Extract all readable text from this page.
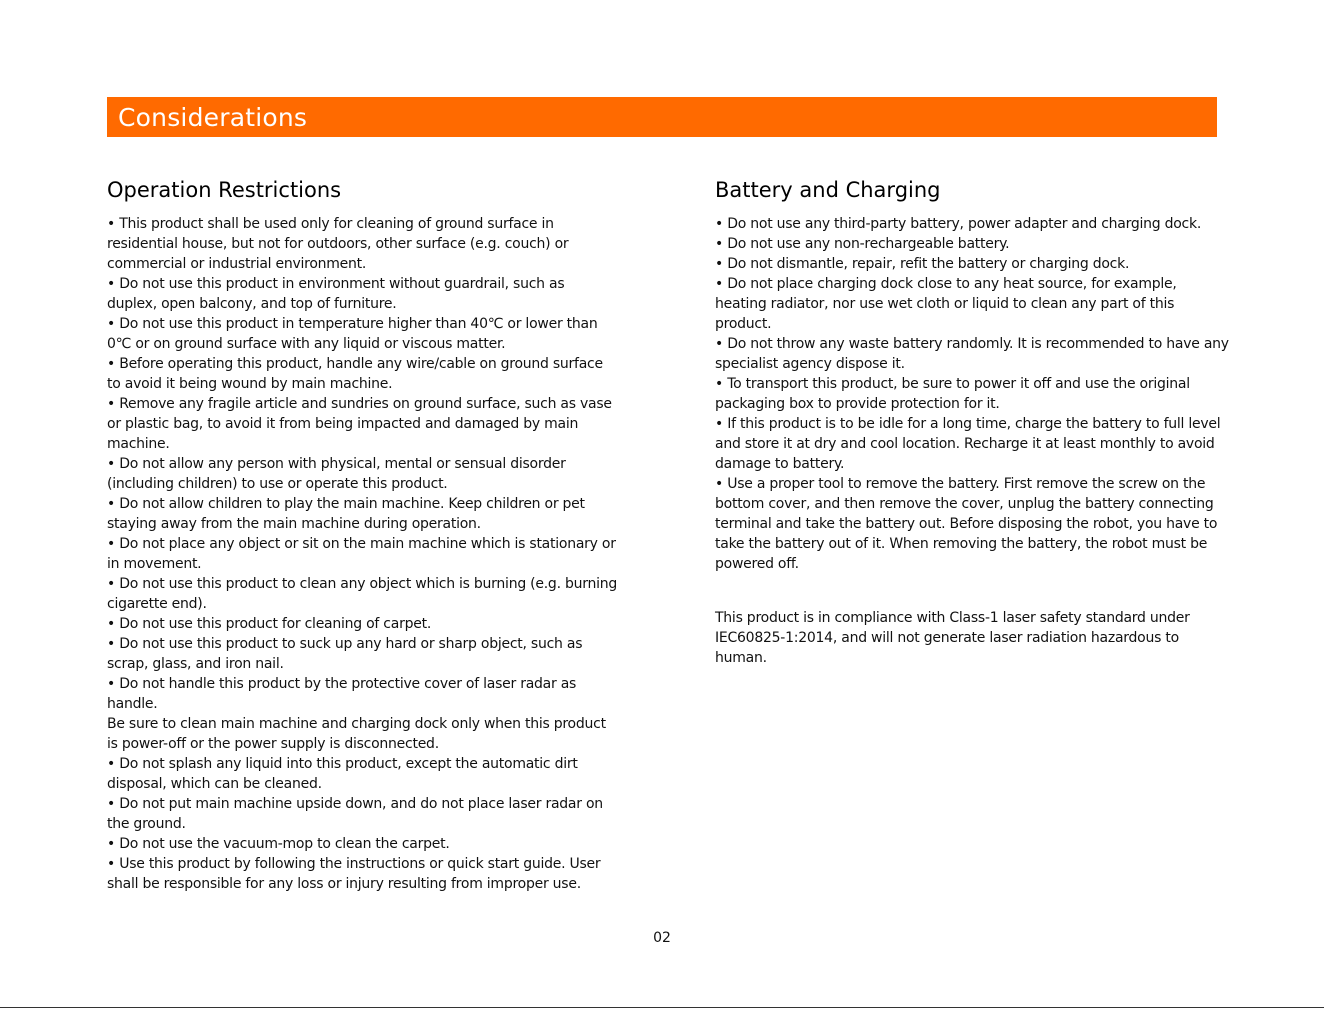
Considerations
Operation Restrictions

• This product shall be used only for cleaning of ground surface in residential house, but not for outdoors, other surface (e.g. couch) or commercial or industrial environment.

• Do not use this product in environment without guardrail, such as duplex, open balcony, and top of furniture.

• Do not use this product in temperature higher than 40℃ or lower than 0℃ or on ground surface with any liquid or viscous matter.

• Before operating this product, handle any wire/cable on ground surface to avoid it being wound by main machine.

• Remove any fragile article and sundries on ground surface, such as vase or plastic bag, to avoid it from being impacted and damaged by main machine.

• Do not allow any person with physical, mental or sensual disorder (including children) to use or operate this product.

• Do not allow children to play the main machine. Keep children or pet staying away from the main machine during operation.

• Do not place any object or sit on the main machine which is stationary or in movement.

• Do not use this product to clean any object which is burning (e.g. burning cigarette end).

• Do not use this product for cleaning of carpet.

• Do not use this product to suck up any hard or sharp object, such as scrap, glass, and iron nail.

• Do not handle this product by the protective cover of laser radar as handle.

Be sure to clean main machine and charging dock only when this product is power-off or the power supply is disconnected.

• Do not splash any liquid into this product, except the automatic dirt disposal, which can be cleaned.

• Do not put main machine upside down, and do not place laser radar on the ground.

• Do not use the vacuum-mop to clean the carpet.

• Use this product by following the instructions or quick start guide. User shall be responsible for any loss or injury resulting from improper use.

Battery and Charging

• Do not use any third-party battery, power adapter and charging dock.

• Do not use any non-rechargeable battery.

• Do not dismantle, repair, refit the battery or charging dock.

• Do not place charging dock close to any heat source, for example, heating radiator, nor use wet cloth or liquid to clean any part of this product.

• Do not throw any waste battery randomly. It is recommended to have any specialist agency dispose it.

• To transport this product, be sure to power it off and use the original packaging box to provide protection for it.

• If this product is to be idle for a long time, charge the battery to full level and store it at dry and cool location. Recharge it at least monthly to avoid damage to battery.

• Use a proper tool to remove the battery. First remove the screw on the bottom cover, and then remove the cover, unplug the battery connecting terminal and take the battery out. Before disposing the robot, you have to take the battery out of it. When removing the battery, the robot must be powered off.

This product is in compliance with Class-1 laser safety standard under IEC60825-1:2014, and will not generate laser radiation hazardous to human.

02
